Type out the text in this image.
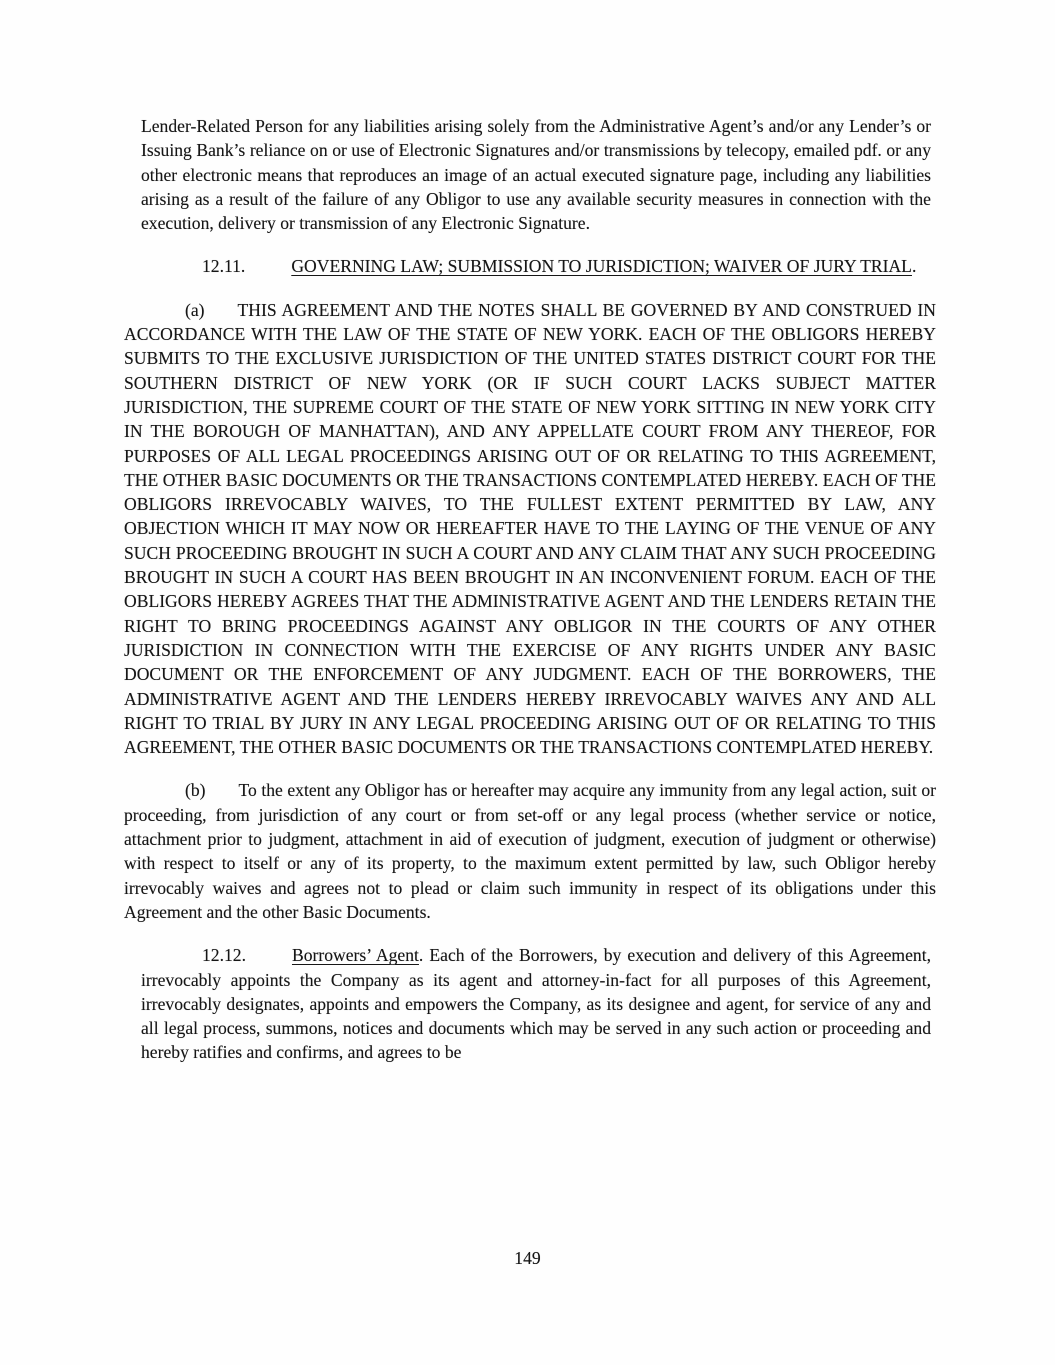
Lender-Related Person for any liabilities arising solely from the Administrative Agent’s and/or any Lender’s or Issuing Bank’s reliance on or use of Electronic Signatures and/or transmissions by telecopy, emailed pdf. or any other electronic means that reproduces an image of an actual executed signature page, including any liabilities arising as a result of the failure of any Obligor to use any available security measures in connection with the execution, delivery or transmission of any Electronic Signature.

12.11.	GOVERNING LAW; SUBMISSION TO JURISDICTION; WAIVER OF JURY TRIAL.

(a) THIS AGREEMENT AND THE NOTES SHALL BE GOVERNED BY AND CONSTRUED IN ACCORDANCE WITH THE LAW OF THE STATE OF NEW YORK. EACH OF THE OBLIGORS HEREBY SUBMITS TO THE EXCLUSIVE JURISDICTION OF THE UNITED STATES DISTRICT COURT FOR THE SOUTHERN DISTRICT OF NEW YORK (OR IF SUCH COURT LACKS SUBJECT MATTER JURISDICTION, THE SUPREME COURT OF THE STATE OF NEW YORK SITTING IN NEW YORK CITY IN THE BOROUGH OF MANHATTAN), AND ANY APPELLATE COURT FROM ANY THEREOF, FOR PURPOSES OF ALL LEGAL PROCEEDINGS ARISING OUT OF OR RELATING TO THIS AGREEMENT, THE OTHER BASIC DOCUMENTS OR THE TRANSACTIONS CONTEMPLATED HEREBY. EACH OF THE OBLIGORS IRREVOCABLY WAIVES, TO THE FULLEST EXTENT PERMITTED BY LAW, ANY OBJECTION WHICH IT MAY NOW OR HEREAFTER HAVE TO THE LAYING OF THE VENUE OF ANY SUCH PROCEEDING BROUGHT IN SUCH A COURT AND ANY CLAIM THAT ANY SUCH PROCEEDING BROUGHT IN SUCH A COURT HAS BEEN BROUGHT IN AN INCONVENIENT FORUM. EACH OF THE OBLIGORS HEREBY AGREES THAT THE ADMINISTRATIVE AGENT AND THE LENDERS RETAIN THE RIGHT TO BRING PROCEEDINGS AGAINST ANY OBLIGOR IN THE COURTS OF ANY OTHER JURISDICTION IN CONNECTION WITH THE EXERCISE OF ANY RIGHTS UNDER ANY BASIC DOCUMENT OR THE ENFORCEMENT OF ANY JUDGMENT. EACH OF THE BORROWERS, THE ADMINISTRATIVE AGENT AND THE LENDERS HEREBY IRREVOCABLY WAIVES ANY AND ALL RIGHT TO TRIAL BY JURY IN ANY LEGAL PROCEEDING ARISING OUT OF OR RELATING TO THIS AGREEMENT, THE OTHER BASIC DOCUMENTS OR THE TRANSACTIONS CONTEMPLATED HEREBY.

(b) To the extent any Obligor has or hereafter may acquire any immunity from any legal action, suit or proceeding, from jurisdiction of any court or from set-off or any legal process (whether service or notice, attachment prior to judgment, attachment in aid of execution of judgment, execution of judgment or otherwise) with respect to itself or any of its property, to the maximum extent permitted by law, such Obligor hereby irrevocably waives and agrees not to plead or claim such immunity in respect of its obligations under this Agreement and the other Basic Documents.

12.12.	Borrowers’ Agent. Each of the Borrowers, by execution and delivery of this Agreement, irrevocably appoints the Company as its agent and attorney-in-fact for all purposes of this Agreement, irrevocably designates, appoints and empowers the Company, as its designee and agent, for service of any and all legal process, summons, notices and documents which may be served in any such action or proceeding and hereby ratifies and confirms, and agrees to be

149
